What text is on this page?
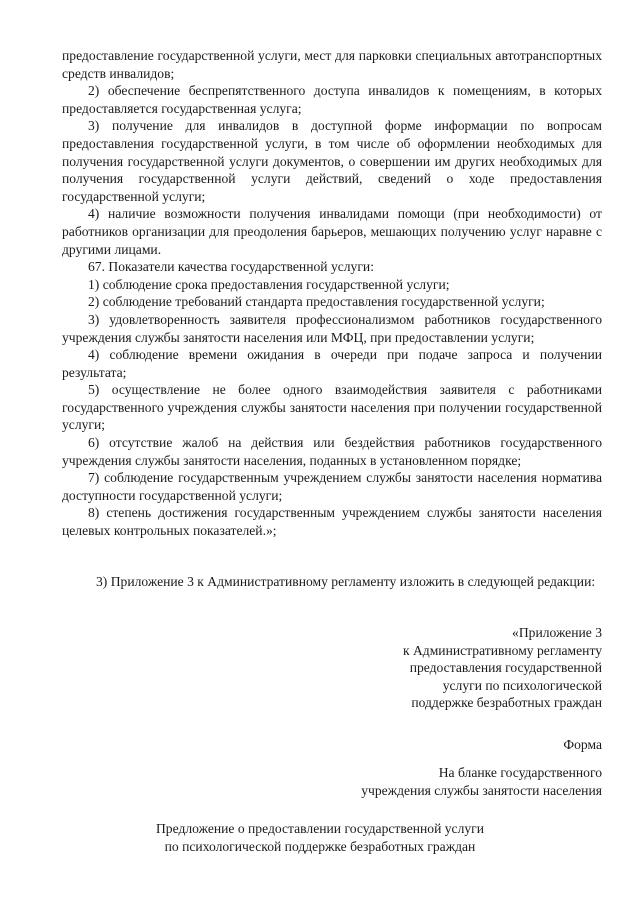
предоставление государственной услуги, мест для парковки специальных автотранспортных средств инвалидов;

2) обеспечение беспрепятственного доступа инвалидов к помещениям, в которых предоставляется государственная услуга;

3) получение для инвалидов в доступной форме информации по вопросам предоставления государственной услуги, в том числе об оформлении необходимых для получения государственной услуги документов, о совершении им других необходимых для получения государственной услуги действий, сведений о ходе предоставления государственной услуги;

4) наличие возможности получения инвалидами помощи (при необходимости) от работников организации для преодоления барьеров, мешающих получению услуг наравне с другими лицами.

67. Показатели качества государственной услуги:

1) соблюдение срока предоставления государственной услуги;

2) соблюдение требований стандарта предоставления государственной услуги;

3) удовлетворенность заявителя профессионализмом работников государственного учреждения службы занятости населения или МФЦ, при предоставлении услуги;

4) соблюдение времени ожидания в очереди при подаче запроса и получении результата;

5) осуществление не более одного взаимодействия заявителя с работниками государственного учреждения службы занятости населения при получении государственной услуги;

6) отсутствие жалоб на действия или бездействия работников государственного учреждения службы занятости населения, поданных в установленном порядке;

7) соблюдение государственным учреждением службы занятости населения норматива доступности государственной услуги;

8) степень достижения государственным учреждением службы занятости населения целевых контрольных показателей.»;

3) Приложение 3 к Административному регламенту изложить в следующей редакции:

«Приложение 3
к Административному регламенту
предоставления государственной
услуги по психологической
поддержке безработных граждан
Форма
На бланке государственного
учреждения службы занятости населения
Предложение о предоставлении государственной услуги
по психологической поддержке безработных граждан
